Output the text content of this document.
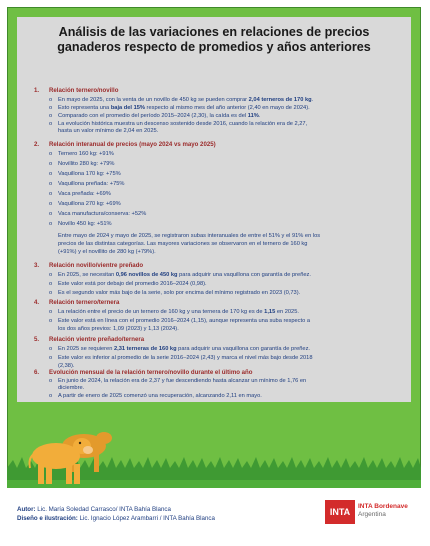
Análisis de las variaciones en relaciones de precios
ganaderos respecto de promedios y años anteriores
1. Relación ternero/novillo
o En mayo de 2025, con la venta de un novillo de 450 kg se pueden comprar 2,04 terneros de 170 kg.
o Esto representa una baja del 15% respecto al mismo mes del año anterior (2,40 en mayo de 2024).
o Comparado con el promedio del período 2015–2024 (2,30), la caída es del 11%.
o La evolución histórica muestra un descenso sostenido desde 2016, cuando la relación era de 2,27,
hasta un valor mínimo de 2,04 en 2025.
2. Relación interanual de precios (mayo 2024 vs mayo 2025)
o Ternero 160 kg: +91%
o Novillito 280 kg: +79%
o Vaquillona 170 kg: +75%
o Vaquillona preñada: +75%
o Vaca preñada: +69%
o Vaquillona 270 kg: +69%
o Vaca manufactura/conserva: +52%
o Novillo 450 kg: +51%
Entre mayo de 2024 y mayo de 2025, se registraron subas interanuales de entre el 51% y el 91% en los
precios de las distintas categorías. Las mayores variaciones se observaron en el ternero de 160 kg
(+91%) y el novillito de 280 kg (+79%).
3. Relación novillo/vientre preñado
o En 2025, se necesitan 0,96 novillos de 450 kg para adquirir una vaquillona con garantía de preñez.
o Este valor está por debajo del promedio 2016–2024 (0,98).
o Es el segundo valor más bajo de la serie, solo por encima del mínimo registrado en 2023 (0,73).
4. Relación ternero/ternera
o La relación entre el precio de un ternero de 160 kg y una ternera de 170 kg es de 1,15 en 2025.
o Este valor está en línea con el promedio 2016–2024 (1,15), aunque representa una suba respecto a
los dos años previos: 1,09 (2023) y 1,13 (2024).
5. Relación vientre preñado/ternera
o En 2025 se requieren 2,31 terneras de 160 kg para adquirir una vaquillona con garantía de preñez.
o Este valor es inferior al promedio de la serie 2016–2024 (2,43) y marca el nivel más bajo desde 2018
(2,38).
6. Evolución mensual de la relación ternero/novillo durante el último año
o En junio de 2024, la relación era de 2,37 y fue descendiendo hasta alcanzar un mínimo de 1,76 en
diciembre.
o A partir de enero de 2025 comenzó una recuperación, alcanzando 2,11 en mayo.
Autor: Lic. María Soledad Carrasco/ INTA Bahía Blanca
Diseño e ilustración: Lic. Ignacio López Arambarri / INTA Bahía Blanca
INTA
INTA Bordenave
Argentina
